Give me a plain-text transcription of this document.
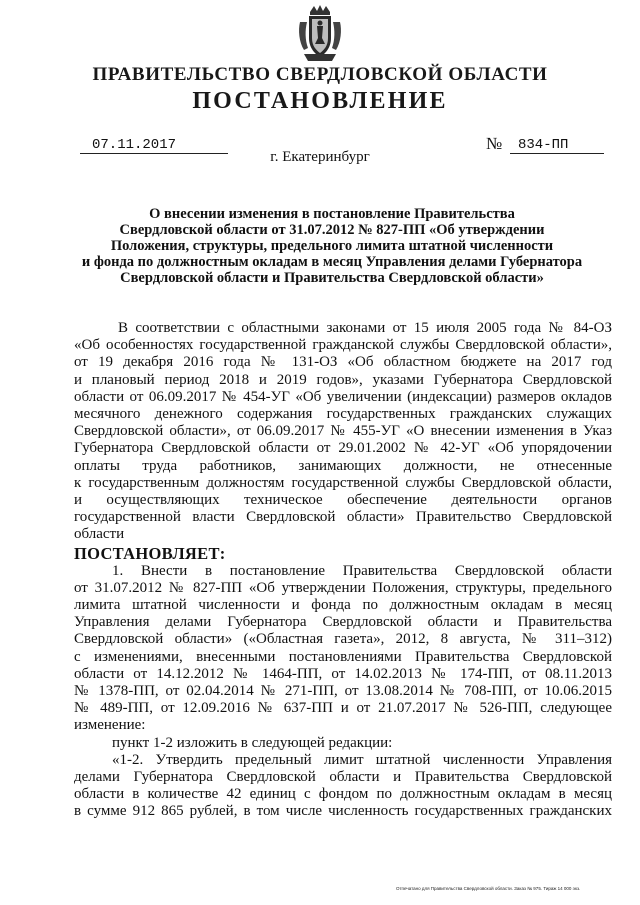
ПРАВИТЕЛЬСТВО СВЕРДЛОВСКОЙ ОБЛАСТИ
ПОСТАНОВЛЕНИЕ
07.11.2017	№	834-ПП
г. Екатеринбург
О внесении изменения в постановление Правительства
Свердловской области от 31.07.2012 № 827-ПП «Об утверждении
Положения, структуры, предельного лимита штатной численности
и фонда по должностным окладам в месяц Управления делами Губернатора
Свердловской области и Правительства Свердловской области»
В соответствии с областными законами от 15 июля 2005 года № 84-ОЗ
«Об особенностях государственной гражданской службы Свердловской области»,
от 19 декабря 2016 года № 131-ОЗ «Об областном бюджете на 2017 год
и плановый период 2018 и 2019 годов», указами Губернатора Свердловской
области от 06.09.2017 № 454-УГ «Об увеличении (индексации) размеров окладов
месячного денежного содержания государственных гражданских служащих
Свердловской области», от 06.09.2017 № 455-УГ «О внесении изменения в Указ
Губернатора Свердловской области от 29.01.2002 № 42-УГ «Об упорядочении
оплаты труда работников, занимающих должности, не отнесенные
к государственным должностям государственной службы Свердловской области,
и осуществляющих техническое обеспечение деятельности органов
государственной власти Свердловской области» Правительство Свердловской
области
ПОСТАНОВЛЯЕТ:
1. Внести в постановление Правительства Свердловской области
от 31.07.2012 № 827-ПП «Об утверждении Положения, структуры, предельного
лимита штатной численности и фонда по должностным окладам в месяц
Управления делами Губернатора Свердловской области и Правительства
Свердловской области» («Областная газета», 2012, 8 августа, № 311–312)
с изменениями, внесенными постановлениями Правительства Свердловской
области от 14.12.2012 № 1464-ПП, от 14.02.2013 № 174-ПП, от 08.11.2013
№ 1378-ПП, от 02.04.2014 № 271-ПП, от 13.08.2014 № 708-ПП, от 10.06.2015
№ 489-ПП, от 12.09.2016 № 637-ПП и от 21.07.2017 № 526-ПП, следующее
изменение:
пункт 1-2 изложить в следующей редакции:
«1-2. Утвердить предельный лимит штатной численности Управления
делами Губернатора Свердловской области и Правительства Свердловской
области в количестве 42 единиц с фондом по должностным окладам в месяц
в сумме 912 865 рублей, в том числе численность государственных гражданских
Отпечатано для Правительства Свердловской области. Заказ № 975. Тираж 14 000 экз.
